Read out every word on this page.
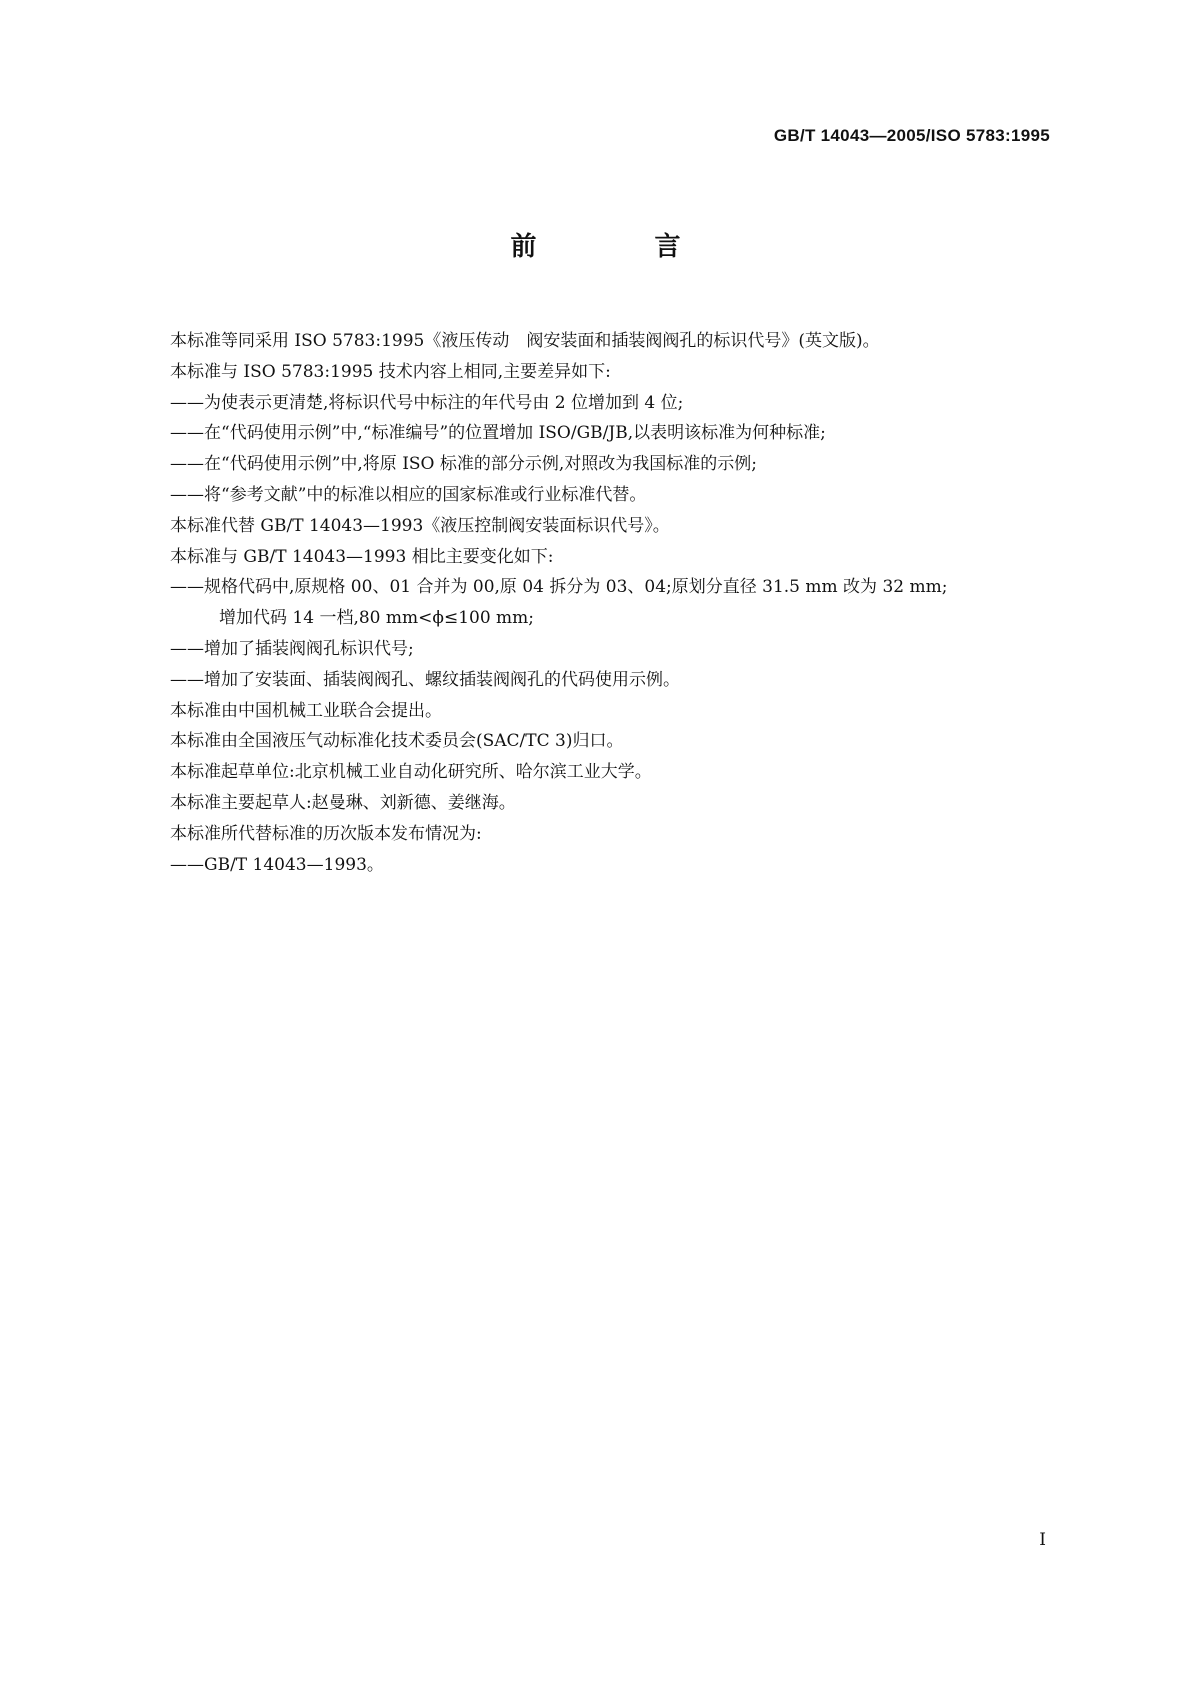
GB/T 14043—2005/ISO 5783:1995
前　言
本标准等同采用 ISO 5783:1995《液压传动　阀安装面和插装阀阀孔的标识代号》(英文版)。
本标准与 ISO 5783:1995 技术内容上相同,主要差异如下:
——为使表示更清楚,将标识代号中标注的年代号由 2 位增加到 4 位;
——在“代码使用示例”中,“标准编号”的位置增加 ISO/GB/JB,以表明该标准为何种标准;
——在“代码使用示例”中,将原 ISO 标准的部分示例,对照改为我国标准的示例;
——将“参考文献”中的标准以相应的国家标准或行业标准代替。
本标准代替 GB/T 14043—1993《液压控制阀安装面标识代号》。
本标准与 GB/T 14043—1993 相比主要变化如下:
——规格代码中,原规格 00、01 合并为 00,原 04 拆分为 03、04;原划分直径 31.5 mm 改为 32 mm;
增加代码 14 一档,80 mm<ϕ≤100 mm;
——增加了插装阀阀孔标识代号;
——增加了安装面、插装阀阀孔、螺纹插装阀阀孔的代码使用示例。
本标准由中国机械工业联合会提出。
本标准由全国液压气动标准化技术委员会(SAC/TC 3)归口。
本标准起草单位:北京机械工业自动化研究所、哈尔滨工业大学。
本标准主要起草人:赵曼琳、刘新德、姜继海。
本标准所代替标准的历次版本发布情况为:
——GB/T 14043—1993。
I
